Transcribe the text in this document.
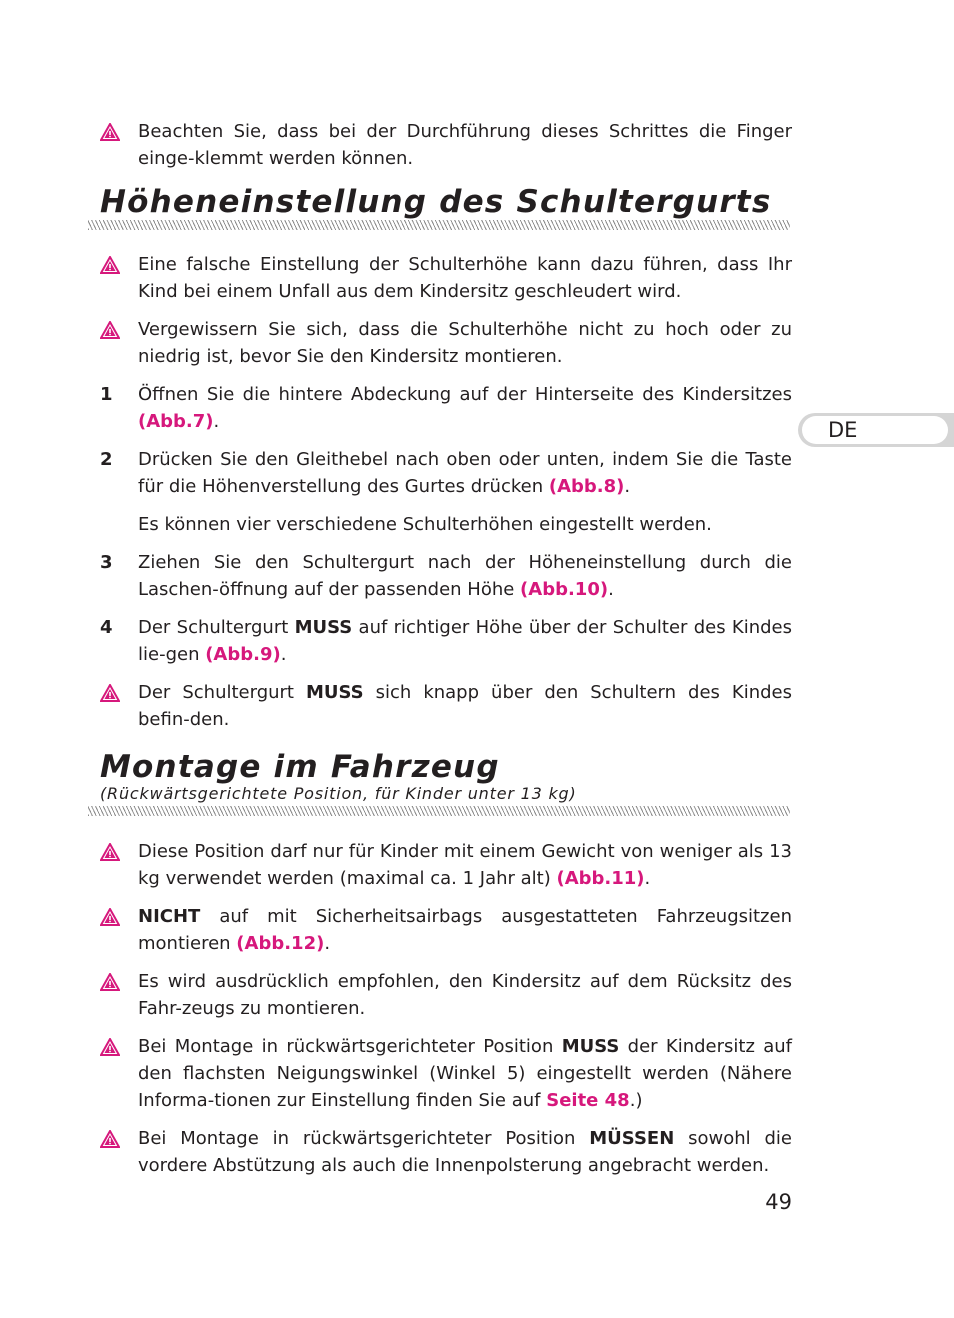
Beachten Sie, dass bei der Durchführung dieses Schrittes die Finger einge-klemmt werden können.
Höheneinstellung des Schultergurts
Eine falsche Einstellung der Schulterhöhe kann dazu führen, dass Ihr Kind bei einem Unfall aus dem Kindersitz geschleudert wird.
Vergewissern Sie sich, dass die Schulterhöhe nicht zu hoch oder zu niedrig ist, bevor Sie den Kindersitz montieren.
1	Öffnen Sie die hintere Abdeckung auf der Hinterseite des Kindersitzes (Abb.7).
2	Drücken Sie den Gleithebel nach oben oder unten, indem Sie die Taste für die Höhenverstellung des Gurtes drücken (Abb.8).
Es können vier verschiedene Schulterhöhen eingestellt werden.
3	Ziehen Sie den Schultergurt nach der Höheneinstellung durch die Laschen-öffnung auf der passenden Höhe (Abb.10).
4	Der Schultergurt MUSS auf richtiger Höhe über der Schulter des Kindes lie-gen (Abb.9).
Der Schultergurt MUSS sich knapp über den Schultern des Kindes befin-den.
Montage im Fahrzeug
(Rückwärtsgerichtete Position, für Kinder unter 13 kg)
Diese Position darf nur für Kinder mit einem Gewicht von weniger als 13 kg verwendet werden (maximal ca. 1 Jahr alt) (Abb.11).
NICHT auf mit Sicherheitsairbags ausgestatteten Fahrzeugsitzen montieren (Abb.12).
Es wird ausdrücklich empfohlen, den Kindersitz auf dem Rücksitz des Fahr-zeugs zu montieren.
Bei Montage in rückwärtsgerichteter Position MUSS der Kindersitz auf den flachsten Neigungswinkel (Winkel 5) eingestellt werden (Nähere Informa-tionen zur Einstellung finden Sie auf Seite 48.)
Bei Montage in rückwärtsgerichteter Position MÜSSEN sowohl die vordere Abstützung als auch die Innenpolsterung angebracht werden.
DE
49
